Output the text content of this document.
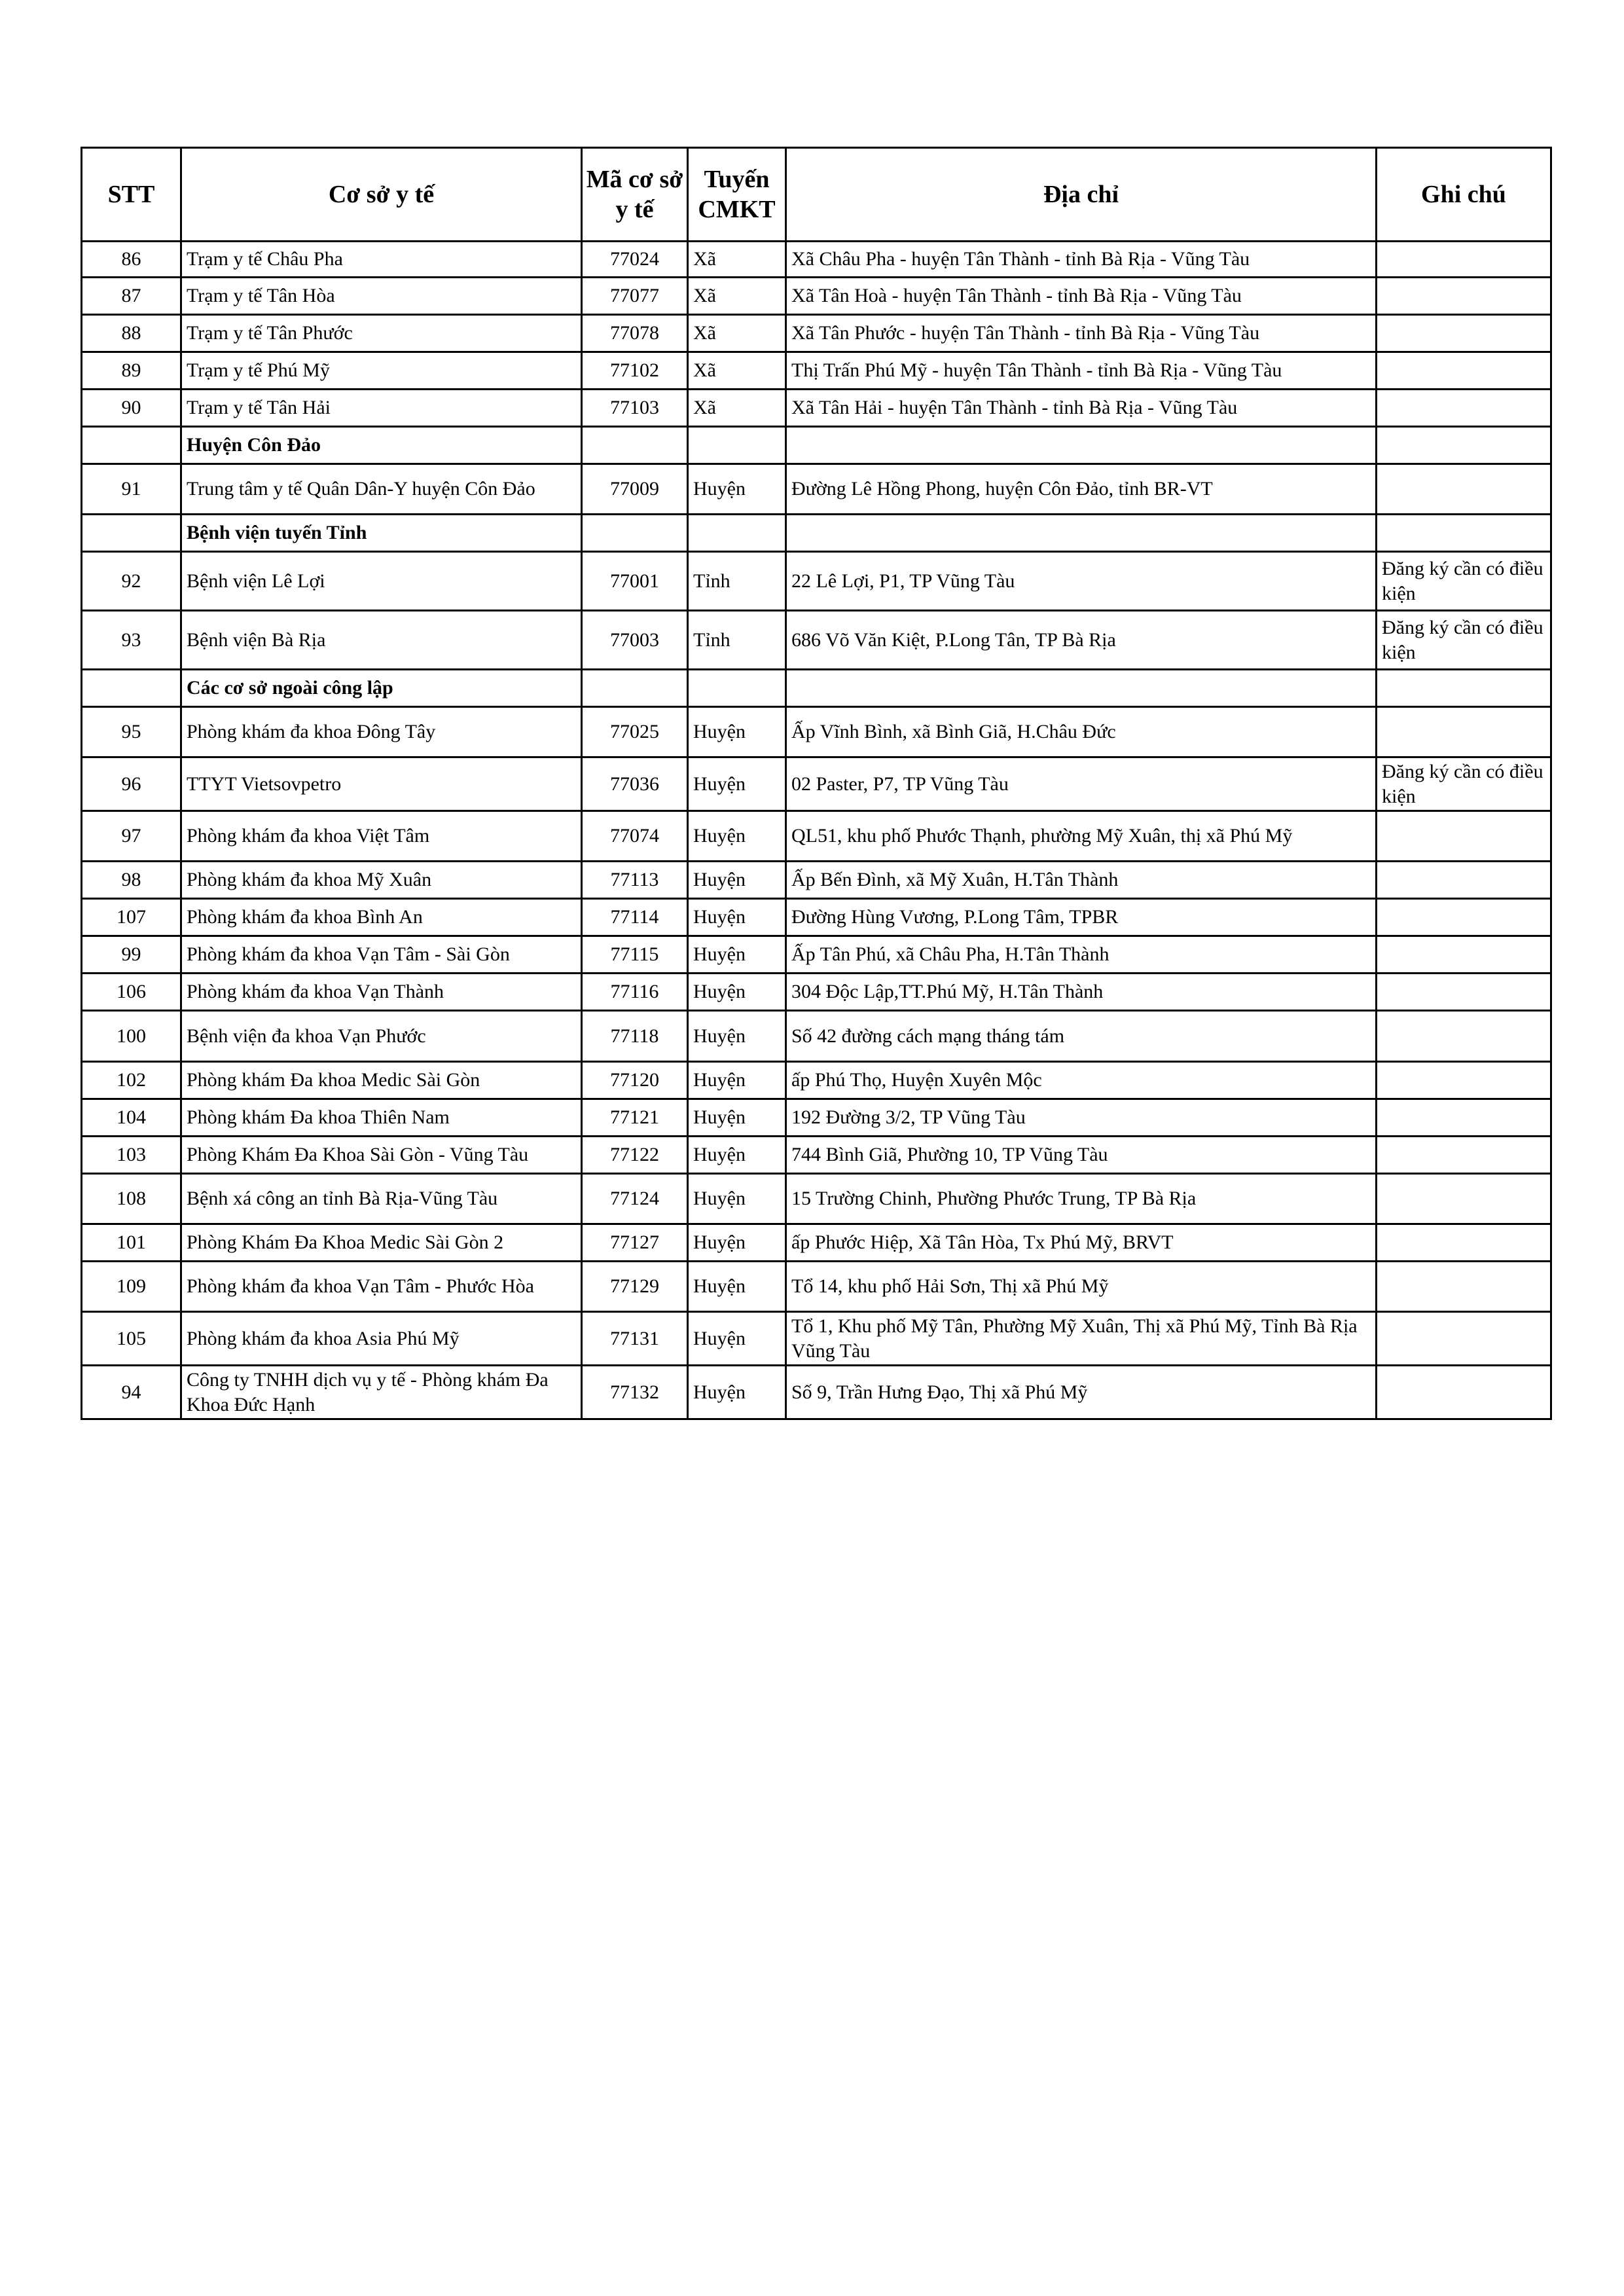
STT	Cơ sở y tế	Mã cơ sở y tế	Tuyến CMKT	Địa chỉ	Ghi chú
86	Trạm y tế Châu Pha	77024	Xã	Xã Châu Pha - huyện Tân Thành - tỉnh Bà Rịa - Vũng Tàu	
87	Trạm y tế Tân Hòa	77077	Xã	Xã Tân Hoà - huyện Tân Thành - tỉnh Bà Rịa - Vũng Tàu	
88	Trạm y tế Tân Phước	77078	Xã	Xã Tân Phước - huyện Tân Thành - tỉnh Bà Rịa - Vũng Tàu	
89	Trạm y tế Phú Mỹ	77102	Xã	Thị Trấn Phú Mỹ - huyện Tân Thành - tỉnh Bà Rịa - Vũng Tàu	
90	Trạm y tế Tân Hải	77103	Xã	Xã Tân Hải - huyện Tân Thành - tỉnh Bà Rịa - Vũng Tàu	
	Huyện Côn Đảo				
91	Trung tâm y tế Quân Dân-Y huyện Côn Đảo	77009	Huyện	Đường Lê Hồng Phong, huyện Côn Đảo, tỉnh BR-VT	
	Bệnh viện tuyến Tỉnh				
92	Bệnh viện Lê Lợi	77001	Tỉnh	22 Lê Lợi, P1, TP Vũng Tàu	Đăng ký cần có điều kiện
93	Bệnh viện Bà Rịa	77003	Tỉnh	686 Võ Văn Kiệt, P.Long Tân, TP Bà Rịa	Đăng ký cần có điều kiện
	Các cơ sở ngoài công lập				
95	Phòng khám đa khoa Đông Tây	77025	Huyện	Ấp Vĩnh Bình, xã Bình Giã, H.Châu Đức	
96	TTYT Vietsovpetro	77036	Huyện	02 Paster, P7, TP Vũng Tàu	Đăng ký cần có điều kiện
97	Phòng khám đa khoa Việt Tâm	77074	Huyện	QL51, khu phố Phước Thạnh, phường Mỹ Xuân, thị xã Phú Mỹ	
98	Phòng khám đa khoa Mỹ Xuân	77113	Huyện	Ấp Bến Đình, xã Mỹ Xuân, H.Tân Thành	
107	Phòng khám đa khoa Bình An	77114	Huyện	Đường Hùng Vương, P.Long Tâm, TPBR	
99	Phòng khám đa khoa Vạn Tâm - Sài Gòn	77115	Huyện	Ấp Tân Phú, xã Châu Pha, H.Tân Thành	
106	Phòng khám đa khoa Vạn Thành	77116	Huyện	304 Độc Lập,TT.Phú Mỹ, H.Tân Thành	
100	Bệnh viện đa khoa Vạn Phước	77118	Huyện	Số 42 đường cách mạng tháng tám	
102	Phòng khám Đa khoa Medic Sài Gòn	77120	Huyện	ấp Phú Thọ, Huyện Xuyên Mộc	
104	Phòng khám Đa khoa Thiên Nam	77121	Huyện	192 Đường 3/2, TP Vũng Tàu	
103	Phòng Khám Đa Khoa Sài Gòn - Vũng Tàu	77122	Huyện	744 Bình Giã, Phường 10, TP Vũng Tàu	
108	Bệnh xá công an tỉnh Bà Rịa-Vũng Tàu	77124	Huyện	15 Trường Chinh, Phường Phước Trung, TP Bà Rịa	
101	Phòng Khám Đa Khoa Medic Sài Gòn 2	77127	Huyện	ấp Phước Hiệp, Xã Tân Hòa, Tx Phú Mỹ, BRVT	
109	Phòng khám đa khoa Vạn Tâm - Phước Hòa	77129	Huyện	Tổ 14, khu phố Hải Sơn, Thị xã Phú Mỹ	
105	Phòng khám đa khoa Asia Phú Mỹ	77131	Huyện	Tổ 1, Khu phố Mỹ Tân, Phường Mỹ Xuân, Thị xã Phú Mỹ, Tỉnh Bà Rịa Vũng Tàu	
94	Công ty TNHH dịch vụ y tế - Phòng khám Đa Khoa Đức Hạnh	77132	Huyện	Số 9, Trần Hưng Đạo, Thị xã Phú Mỹ	
